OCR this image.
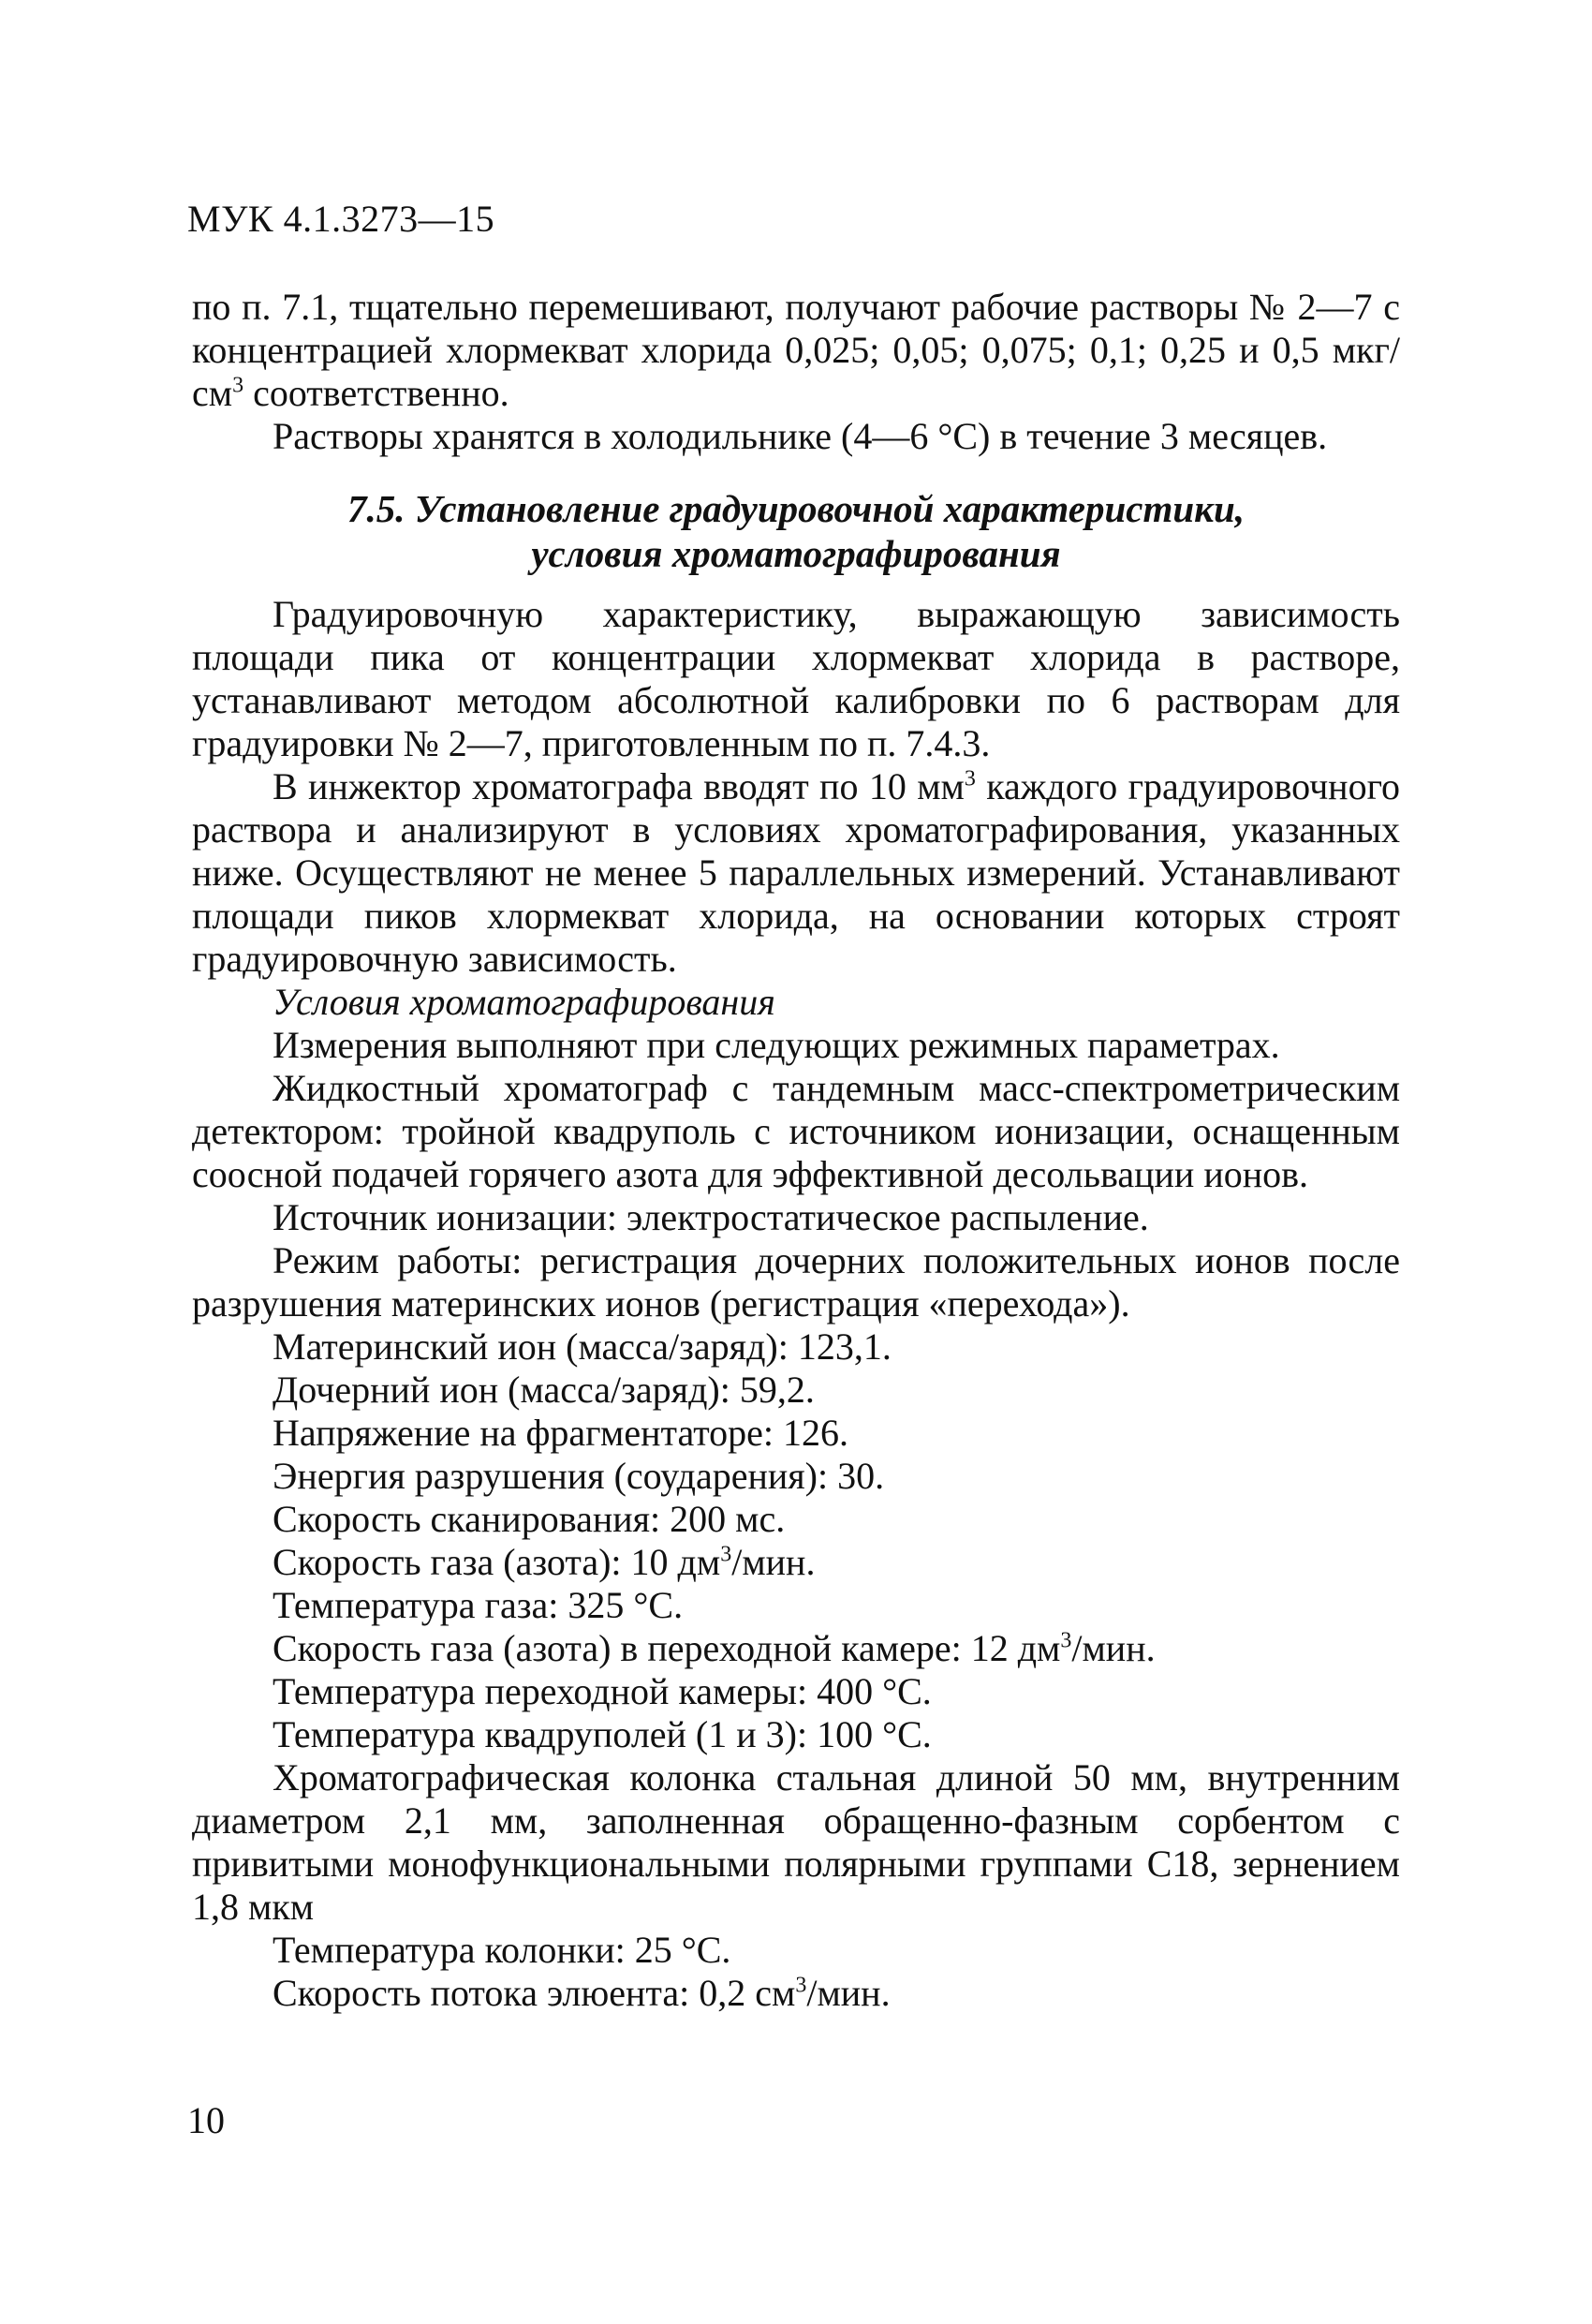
МУК 4.1.3273—15

по п. 7.1, тщательно перемешивают, получают рабочие растворы № 2—7 с концентрацией хлормекват хлорида 0,025; 0,05; 0,075; 0,1; 0,25 и 0,5 мкг/$см^3$ соответственно.

Растворы хранятся в холодильнике (4—6 °С) в течение 3 месяцев.

7.5. Установление градуировочной характеристики,
условия хроматографирования

Градуировочную характеристику, выражающую зависимость площади пика от концентрации хлормекват хлорида в растворе, устанавливают методом абсолютной калибровки по 6 растворам для градуировки № 2—7, приготовленным по п. 7.4.3.

В инжектор хроматографа вводят по 10 $мм^3$ каждого градуировочного раствора и анализируют в условиях хроматографирования, указанных ниже. Осуществляют не менее 5 параллельных измерений. Устанавливают площади пиков хлормекват хлорида, на основании которых строят градуировочную зависимость.

Условия хроматографирования

Измерения выполняют при следующих режимных параметрах.

Жидкостный хроматограф с тандемным масс-спектрометрическим детектором: тройной квадруполь с источником ионизации, оснащенным соосной подачей горячего азота для эффективной десольвации ионов.

Источник ионизации: электростатическое распыление.

Режим работы: регистрация дочерних положительных ионов после разрушения материнских ионов (регистрация «перехода»).

Материнский ион (масса/заряд): 123,1.

Дочерний ион (масса/заряд): 59,2.

Напряжение на фрагментаторе: 126.

Энергия разрушения (соударения): 30.

Скорость сканирования: 200 мс.

Скорость газа (азота): 10 $дм^3$/мин.

Температура газа: 325 °С.

Скорость газа (азота) в переходной камере: 12 $дм^3$/мин.

Температура переходной камеры: 400 °С.

Температура квадруполей (1 и 3): 100 °С.

Хроматографическая колонка стальная длиной 50 мм, внутренним диаметром 2,1 мм, заполненная обращенно-фазным сорбентом с привитыми монофункциональными полярными группами С18, зернением 1,8 мкм

Температура колонки: 25 °С.

Скорость потока элюента: 0,2 $см^3$/мин.

10
